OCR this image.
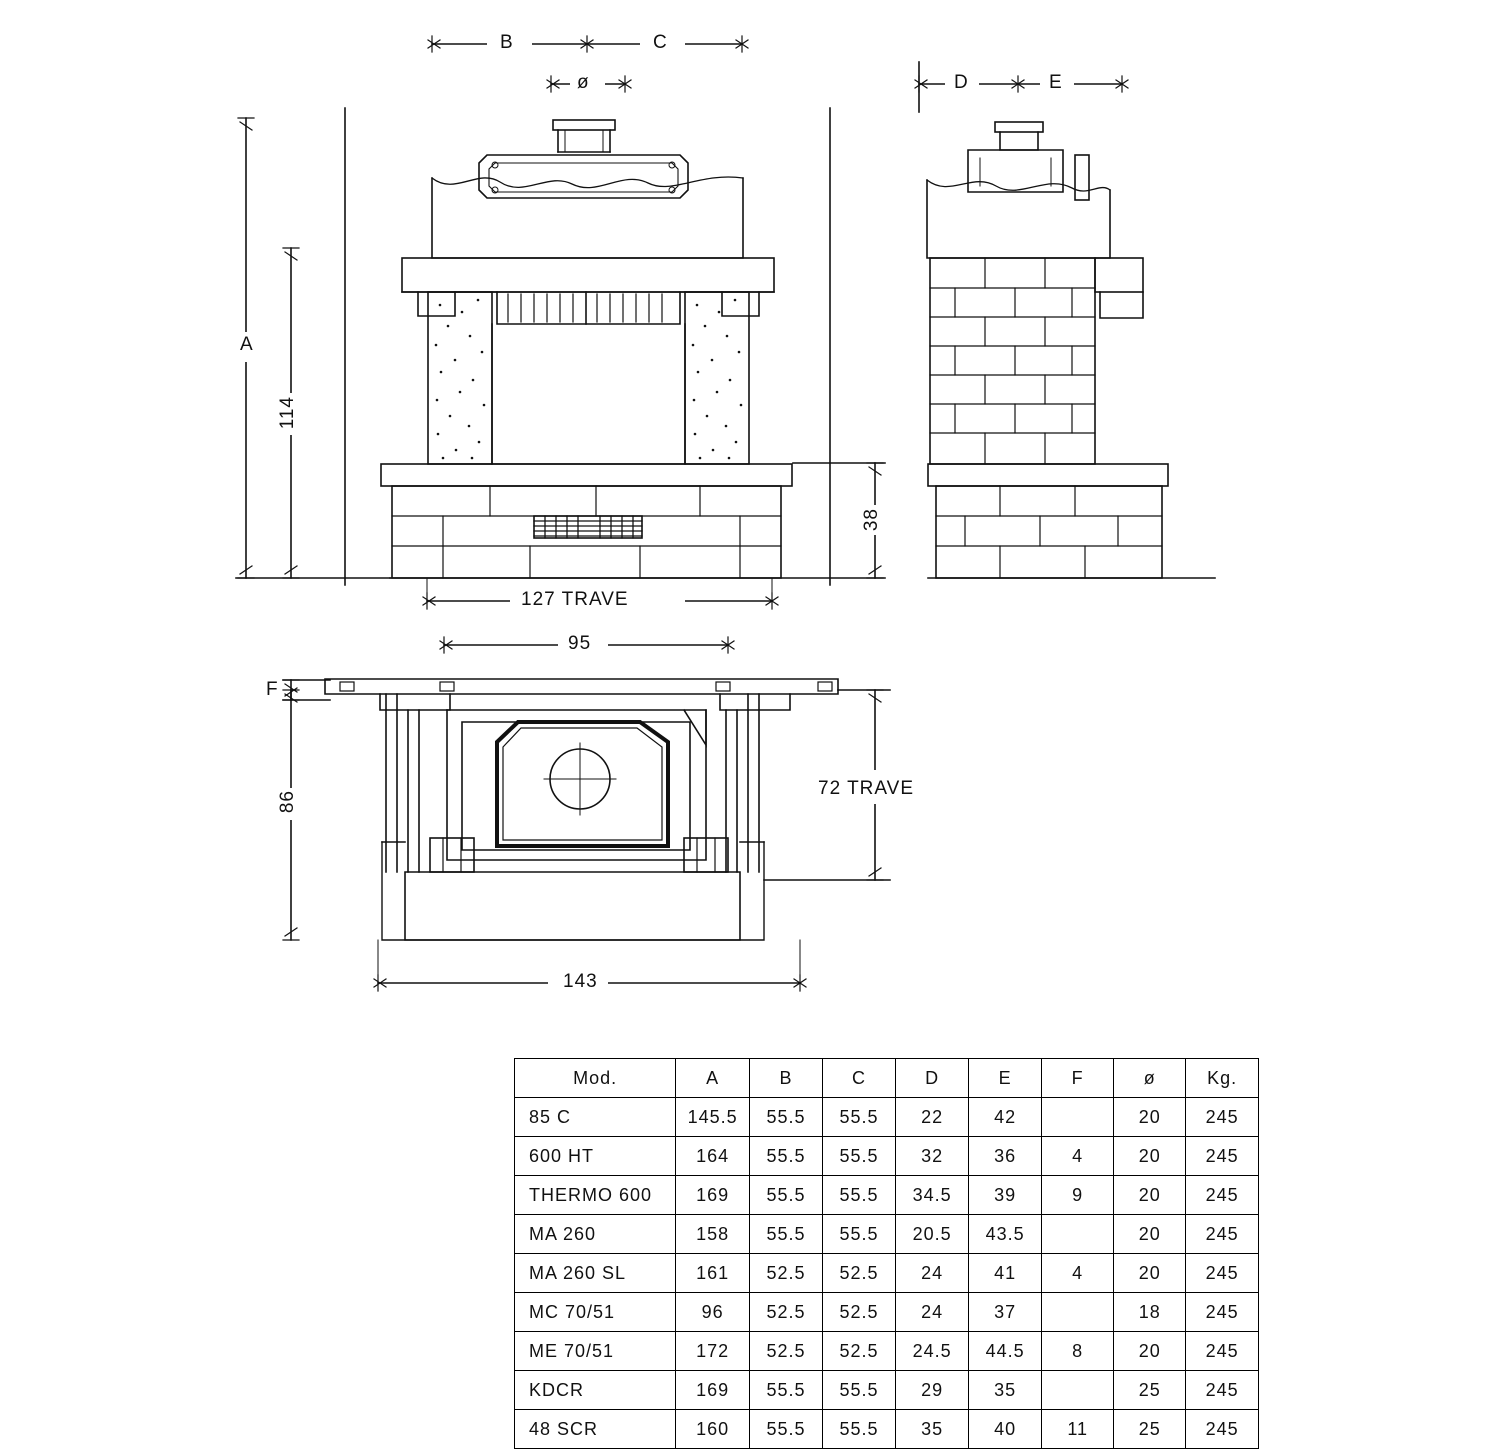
B	C
ø
A
114
38
127 TRAVE
95
D	E
F
86
72 TRAVE
143
Mod.	A	B	C	D	E	F	ø	Kg.
85 C	145.5	55.5	55.5	22	42		20	245
600 HT	164	55.5	55.5	32	36	4	20	245
THERMO 600	169	55.5	55.5	34.5	39	9	20	245
MA 260	158	55.5	55.5	20.5	43.5		20	245
MA 260 SL	161	52.5	52.5	24	41	4	20	245
MC 70/51	96	52.5	52.5	24	37		18	245
ME 70/51	172	52.5	52.5	24.5	44.5	8	20	245
KDCR	169	55.5	55.5	29	35		25	245
48 SCR	160	55.5	55.5	35	40	11	25	245
